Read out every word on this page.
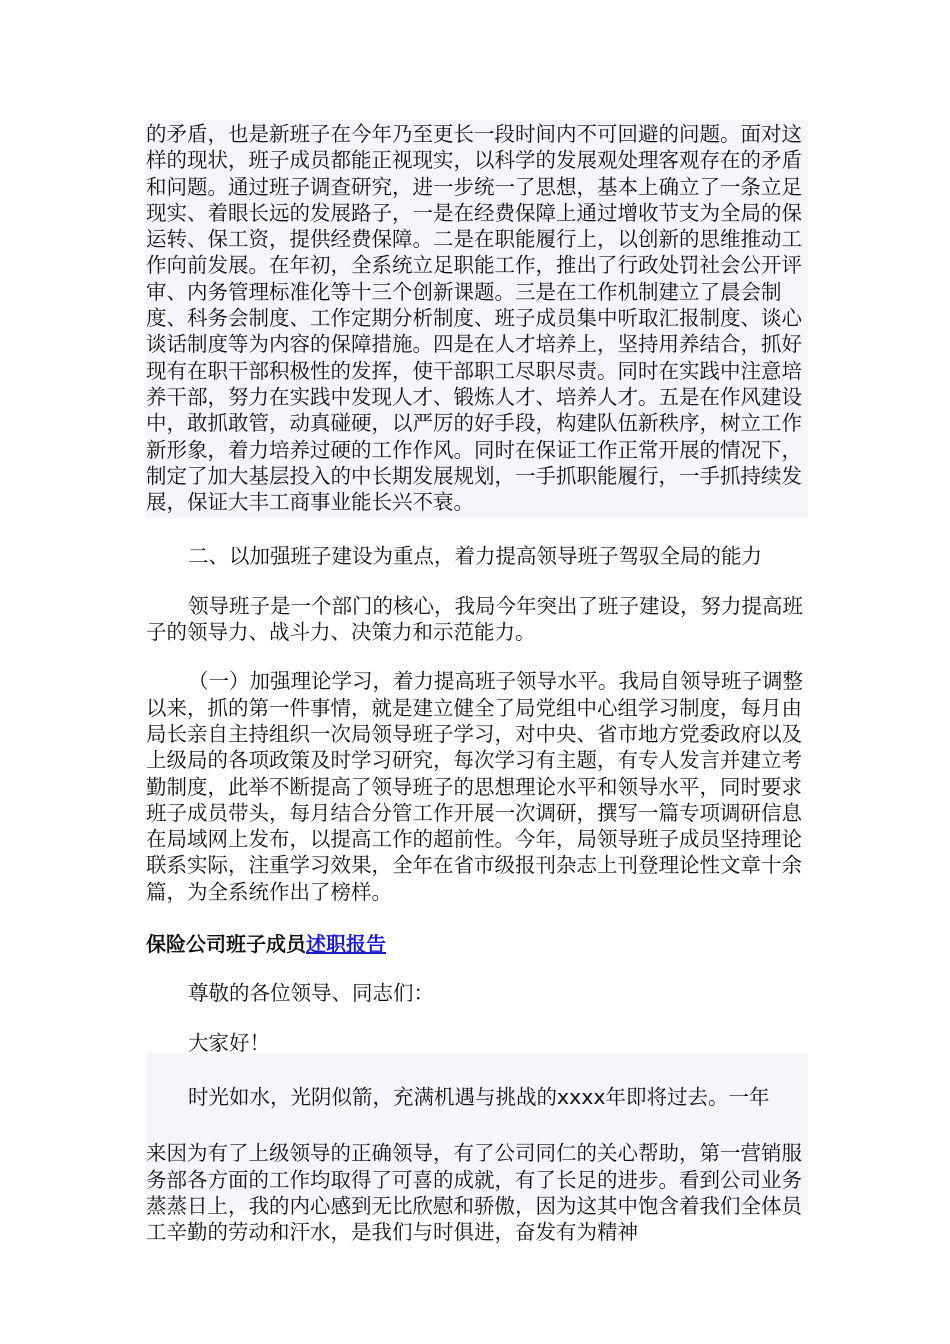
的矛盾，也是新班子在今年乃至更长一段时间内不可回避的问题。面对这样的现状，班子成员都能正视现实，以科学的发展观处理客观存在的矛盾和问题。通过班子调查研究，进一步统一了思想，基本上确立了一条立足现实、着眼长远的发展路子，一是在经费保障上通过增收节支为全局的保运转、保工资，提供经费保障。二是在职能履行上，以创新的思维推动工作向前发展。在年初，全系统立足职能工作，推出了行政处罚社会公开评审、内务管理标准化等十三个创新课题。三是在工作机制建立了晨会制度、科务会制度、工作定期分析制度、班子成员集中听取汇报制度、谈心谈话制度等为内容的保障措施。四是在人才培养上，坚持用养结合，抓好现有在职干部积极性的发挥，使干部职工尽职尽责。同时在实践中注意培养干部，努力在实践中发现人才、锻炼人才、培养人才。五是在作风建设中，敢抓敢管，动真碰硬，以严厉的好手段，构建队伍新秩序，树立工作新形象，着力培养过硬的工作作风。同时在保证工作正常开展的情况下，制定了加大基层投入的中长期发展规划，一手抓职能履行，一手抓持续发展，保证大丰工商事业能长兴不衰。

二、以加强班子建设为重点，着力提高领导班子驾驭全局的能力

领导班子是一个部门的核心，我局今年突出了班子建设，努力提高班子的领导力、战斗力、决策力和示范能力。

（一）加强理论学习，着力提高班子领导水平。我局自领导班子调整以来，抓的第一件事情，就是建立健全了局党组中心组学习制度，每月由局长亲自主持组织一次局领导班子学习，对中央、省市地方党委政府以及上级局的各项政策及时学习研究，每次学习有主题，有专人发言并建立考勤制度，此举不断提高了领导班子的思想理论水平和领导水平，同时要求班子成员带头，每月结合分管工作开展一次调研，撰写一篇专项调研信息在局域网上发布，以提高工作的超前性。今年，局领导班子成员坚持理论联系实际，注重学习效果，全年在省市级报刊杂志上刊登理论性文章十余篇，为全系统作出了榜样。

保险公司班子成员述职报告

尊敬的各位领导、同志们：

大家好！

时光如水，光阴似箭，充满机遇与挑战的xxxx年即将过去。一年

来因为有了上级领导的正确领导，有了公司同仁的关心帮助，第一营销服务部各方面的工作均取得了可喜的成就，有了长足的进步。看到公司业务蒸蒸日上，我的内心感到无比欣慰和骄傲，因为这其中饱含着我们全体员工辛勤的劳动和汗水，是我们与时俱进，奋发有为精神
